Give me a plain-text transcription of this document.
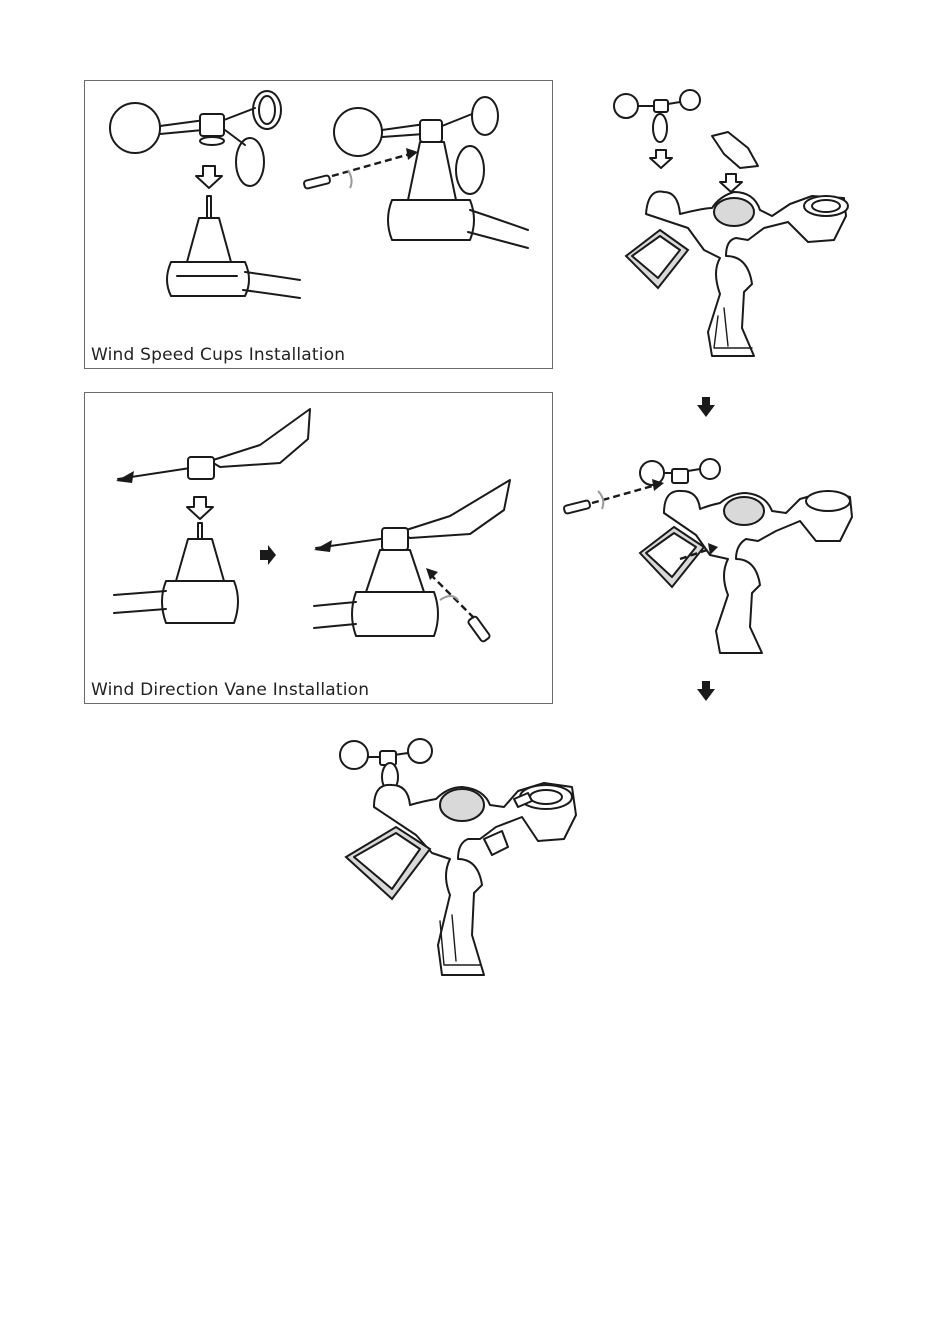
Wind Speed Cups Installation
Wind Direction Vane Installation
